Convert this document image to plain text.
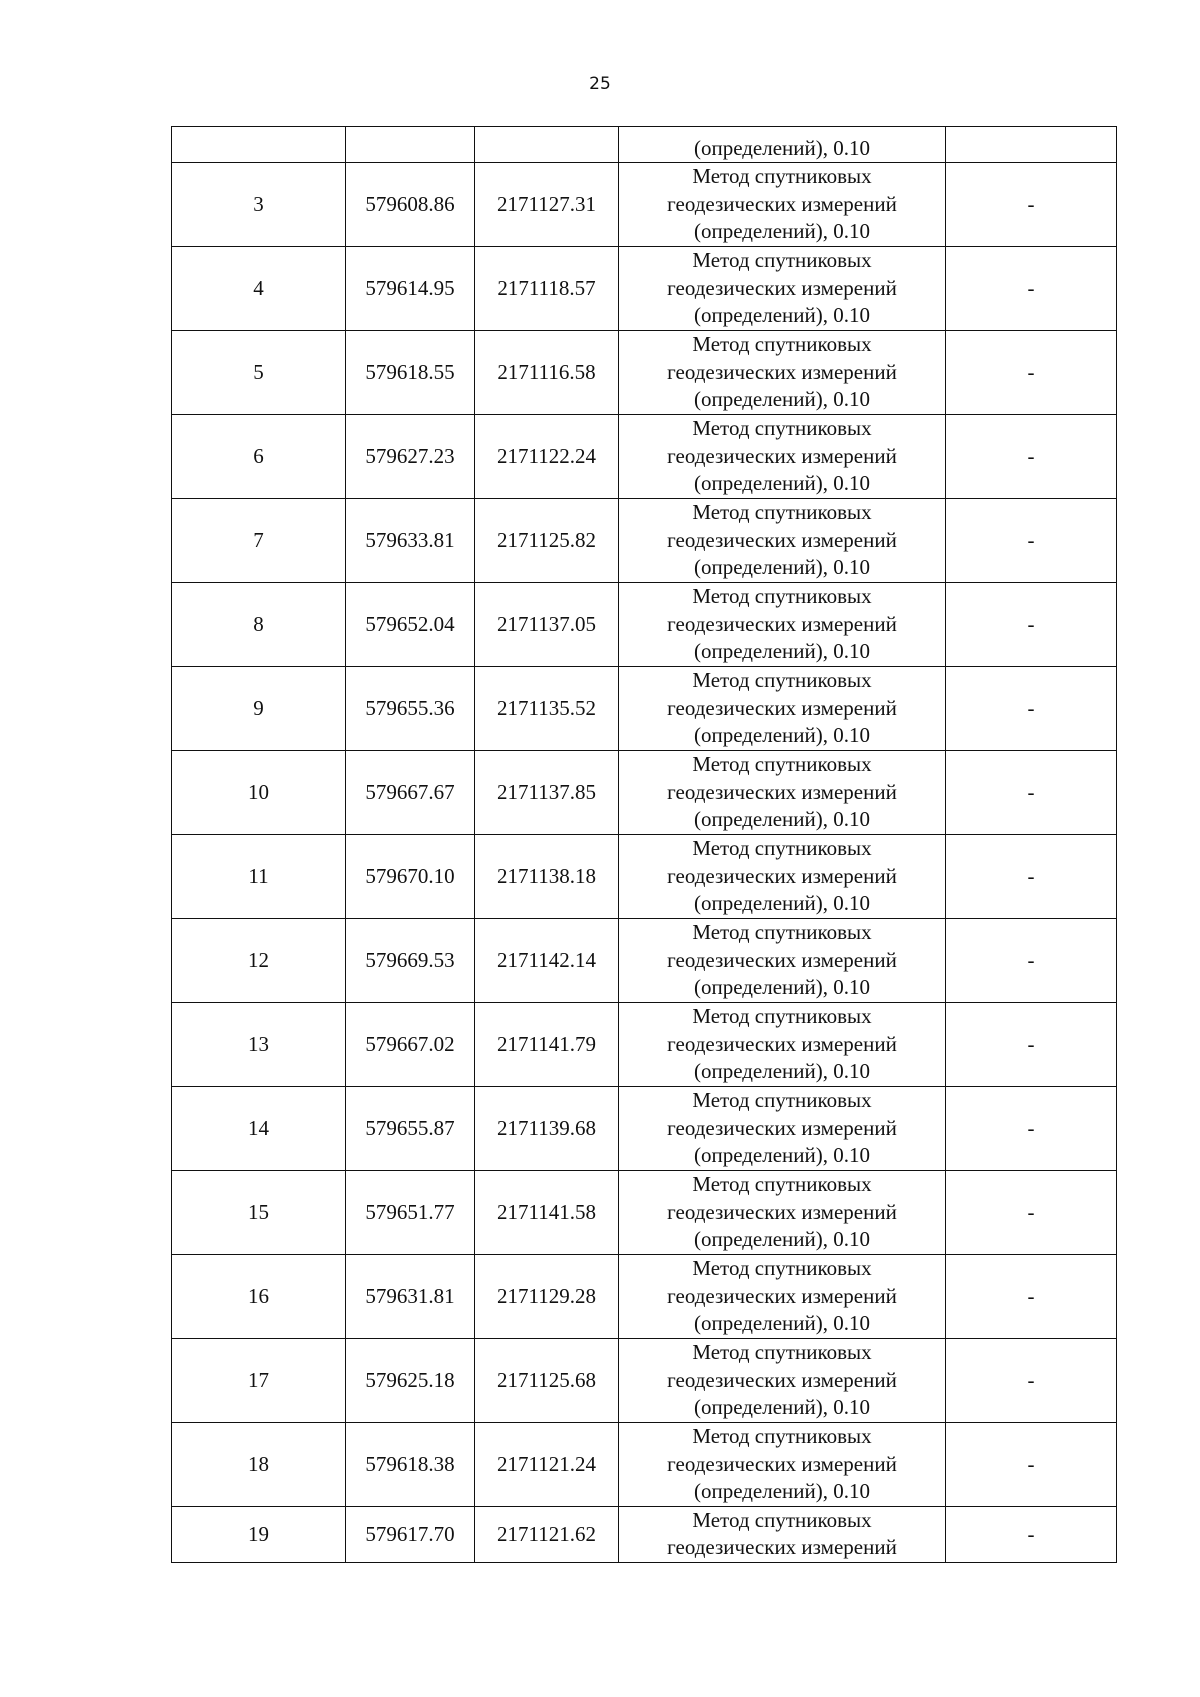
25

			(определений), 0.10	

3	579608.86	2171127.31	Метод спутниковых
геодезических измерений
(определений), 0.10	-
4	579614.95	2171118.57	Метод спутниковых
геодезических измерений
(определений), 0.10	-
5	579618.55	2171116.58	Метод спутниковых
геодезических измерений
(определений), 0.10	-
6	579627.23	2171122.24	Метод спутниковых
геодезических измерений
(определений), 0.10	-
7	579633.81	2171125.82	Метод спутниковых
геодезических измерений
(определений), 0.10	-
8	579652.04	2171137.05	Метод спутниковых
геодезических измерений
(определений), 0.10	-
9	579655.36	2171135.52	Метод спутниковых
геодезических измерений
(определений), 0.10	-
10	579667.67	2171137.85	Метод спутниковых
геодезических измерений
(определений), 0.10	-
11	579670.10	2171138.18	Метод спутниковых
геодезических измерений
(определений), 0.10	-
12	579669.53	2171142.14	Метод спутниковых
геодезических измерений
(определений), 0.10	-
13	579667.02	2171141.79	Метод спутниковых
геодезических измерений
(определений), 0.10	-
14	579655.87	2171139.68	Метод спутниковых
геодезических измерений
(определений), 0.10	-
15	579651.77	2171141.58	Метод спутниковых
геодезических измерений
(определений), 0.10	-
16	579631.81	2171129.28	Метод спутниковых
геодезических измерений
(определений), 0.10	-
17	579625.18	2171125.68	Метод спутниковых
геодезических измерений
(определений), 0.10	-
18	579618.38	2171121.24	Метод спутниковых
геодезических измерений
(определений), 0.10	-
19	579617.70	2171121.62	Метод спутниковых
геодезических измерений	-
